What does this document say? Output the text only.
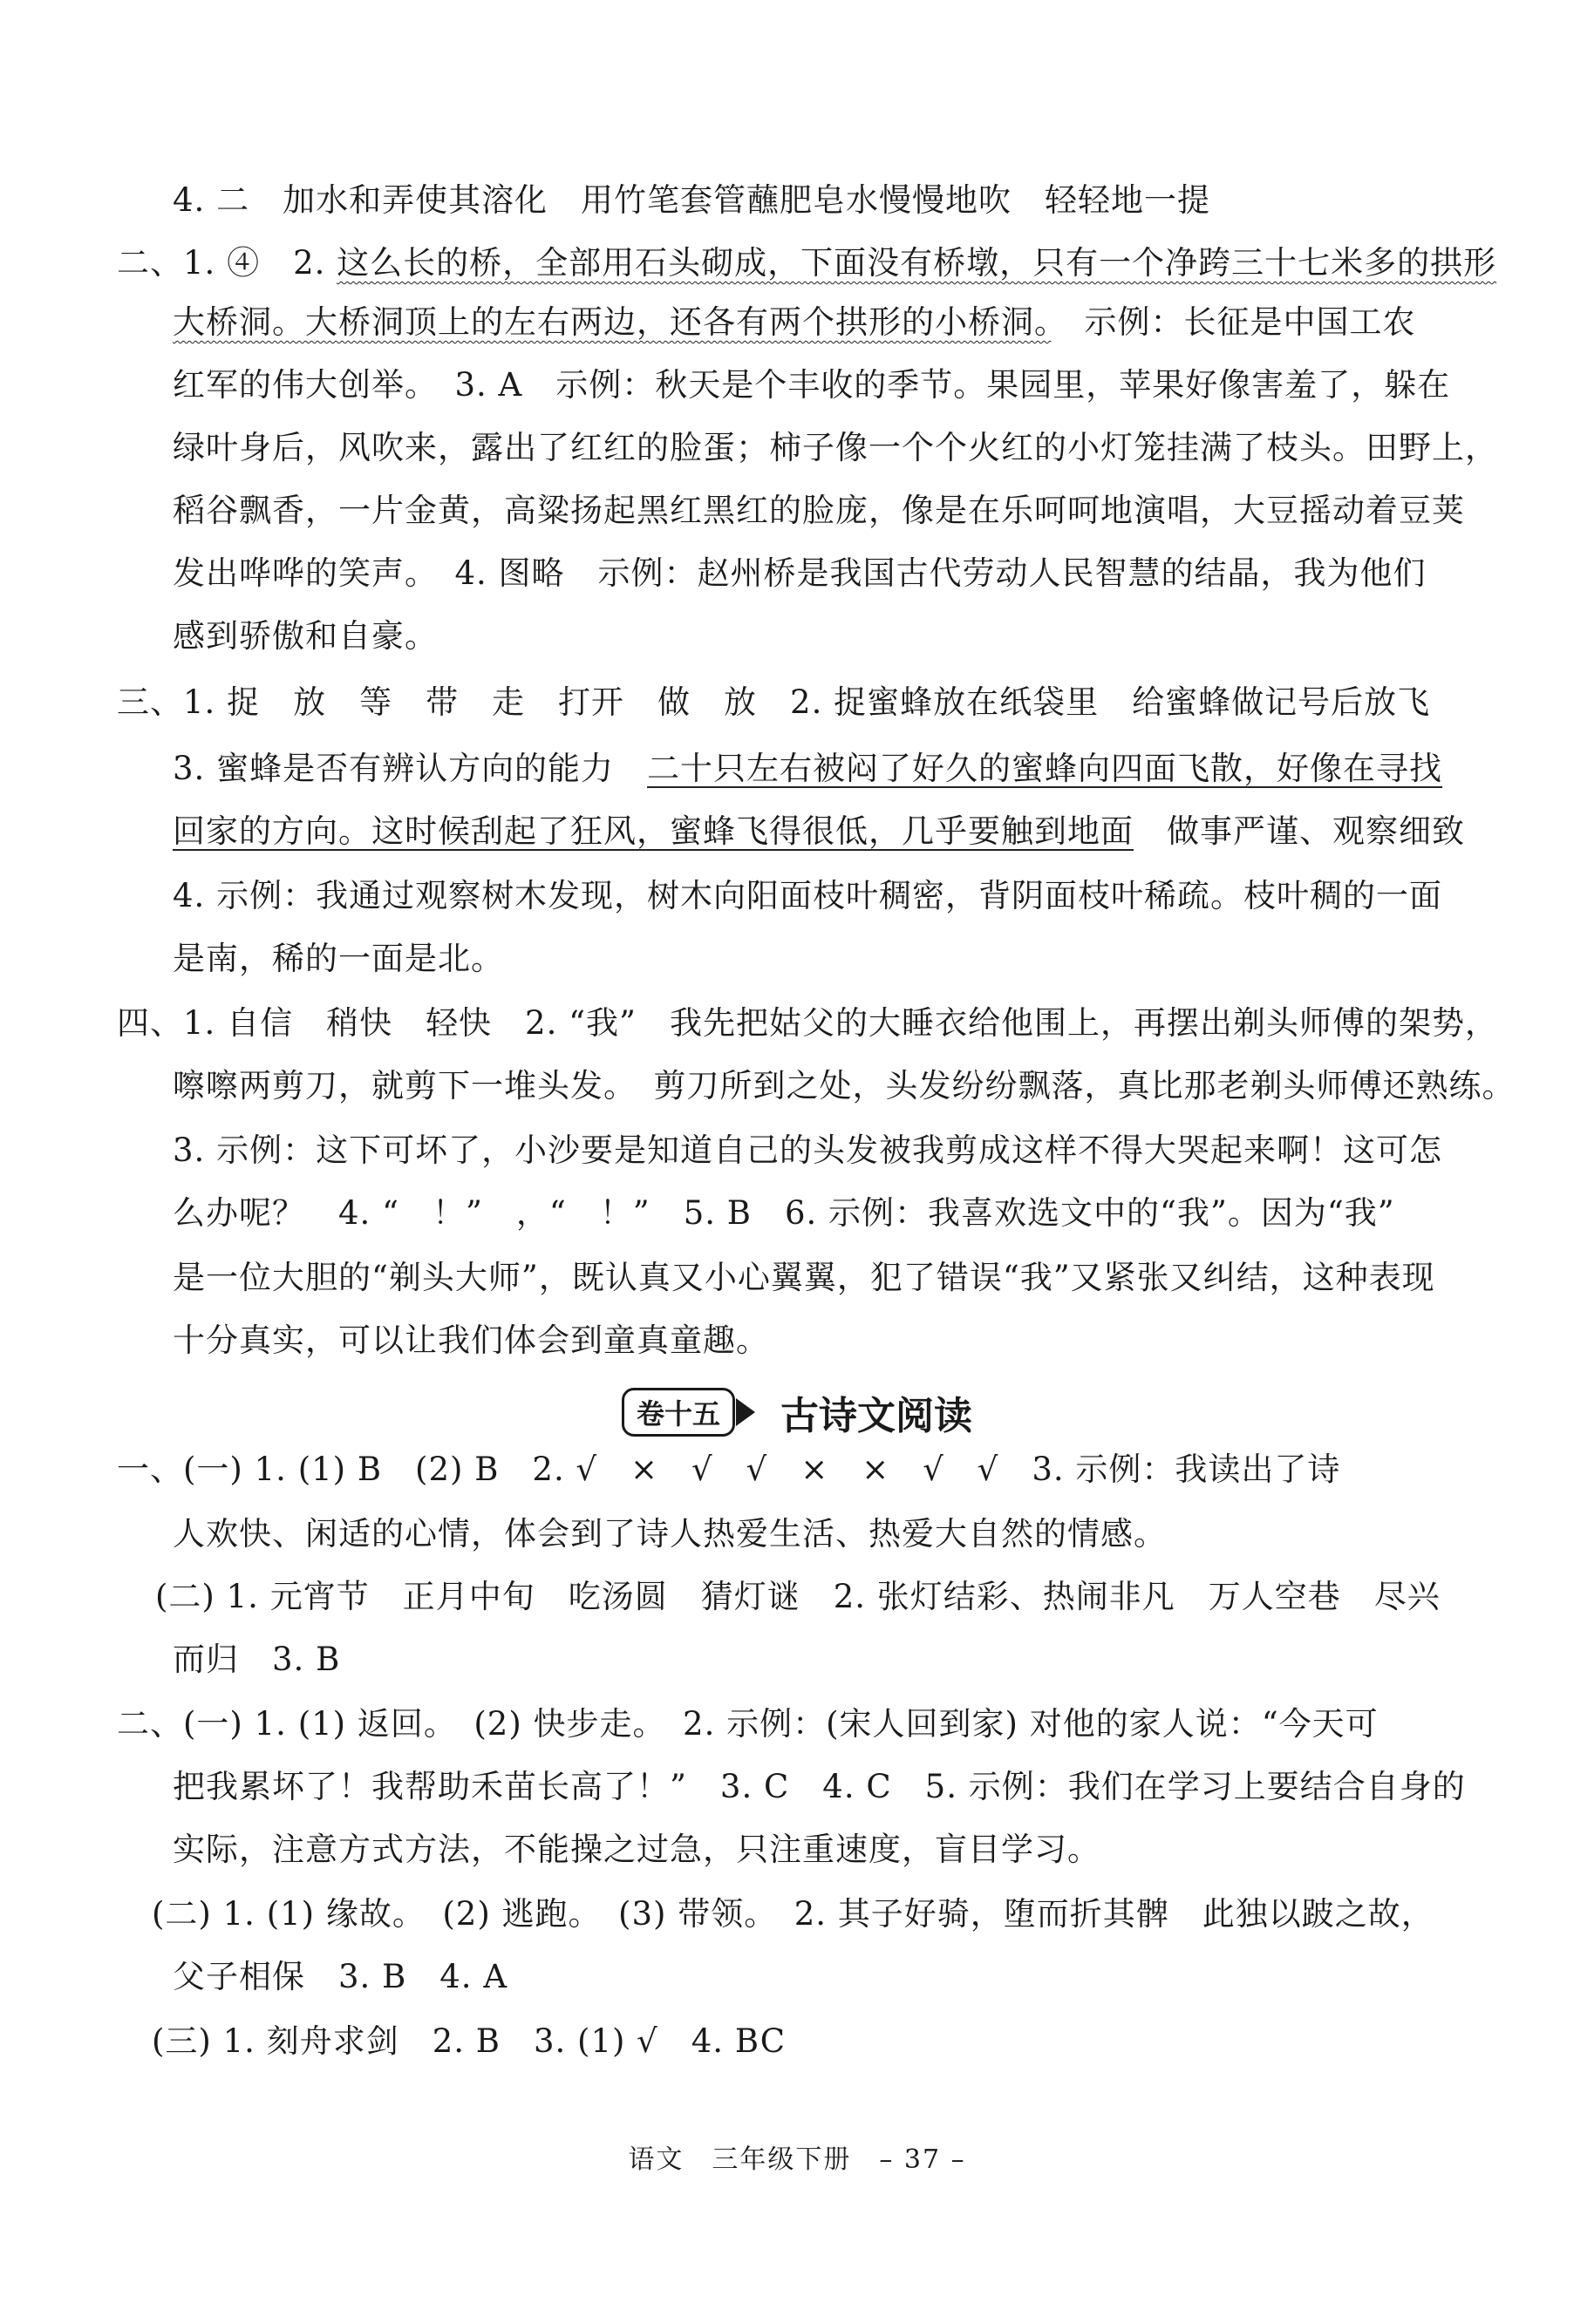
4. 二　加水和弄使其溶化　用竹笔套管蘸肥皂水慢慢地吹　轻轻地一提
二、1. ④　2. 这么长的桥，全部用石头砌成，下面没有桥墩，只有一个净跨三十七米多的拱形
大桥洞。大桥洞顶上的左右两边，还各有两个拱形的小桥洞。　示例：长征是中国工农
红军的伟大创举。　3. A　示例：秋天是个丰收的季节。果园里，苹果好像害羞了，躲在
绿叶身后，风吹来，露出了红红的脸蛋；柿子像一个个火红的小灯笼挂满了枝头。田野上，
稻谷飘香，一片金黄，高粱扬起黑红黑红的脸庞，像是在乐呵呵地演唱，大豆摇动着豆荚
发出哗哗的笑声。　4. 图略　示例：赵州桥是我国古代劳动人民智慧的结晶，我为他们
感到骄傲和自豪。
三、1. 捉　放　等　带　走　打开　做　放　2. 捉蜜蜂放在纸袋里　给蜜蜂做记号后放飞
3. 蜜蜂是否有辨认方向的能力　二十只左右被闷了好久的蜜蜂向四面飞散，好像在寻找
回家的方向。这时候刮起了狂风，蜜蜂飞得很低，几乎要触到地面　做事严谨、观察细致
4. 示例：我通过观察树木发现，树木向阳面枝叶稠密，背阴面枝叶稀疏。枝叶稠的一面
是南，稀的一面是北。
四、1. 自信　稍快　轻快　2. “我”　我先把姑父的大睡衣给他围上，再摆出剃头师傅的架势，
嚓嚓两剪刀，就剪下一堆头发。　剪刀所到之处，头发纷纷飘落，真比那老剃头师傅还熟练。
3. 示例：这下可坏了，小沙要是知道自己的头发被我剪成这样不得大哭起来啊！这可怎
么办呢？　4. “　！”　，“　！”　5. B　6. 示例：我喜欢选文中的“我”。因为“我”
是一位大胆的“剃头大师”，既认真又小心翼翼，犯了错误“我”又紧张又纠结，这种表现
十分真实，可以让我们体会到童真童趣。
卷十五	古诗文阅读
一、(一) 1. (1) B　(2) B　2. √　×　√　√　×　×　√　√　3. 示例：我读出了诗
人欢快、闲适的心情，体会到了诗人热爱生活、热爱大自然的情感。
(二) 1. 元宵节　正月中旬　吃汤圆　猜灯谜　2. 张灯结彩、热闹非凡　万人空巷　尽兴
而归　3. B
二、(一) 1. (1) 返回。　(2) 快步走。　2. 示例：(宋人回到家) 对他的家人说：“今天可
把我累坏了！我帮助禾苗长高了！”　3. C　4. C　5. 示例：我们在学习上要结合自身的
实际，注意方式方法，不能操之过急，只注重速度，盲目学习。
(二) 1. (1) 缘故。　(2) 逃跑。　(3) 带领。　2. 其子好骑，堕而折其髀　此独以跛之故，
父子相保　3. B　4. A
(三) 1. 刻舟求剑　2. B　3. (1) √　4. BC
语文　三年级下册　– 37 –
